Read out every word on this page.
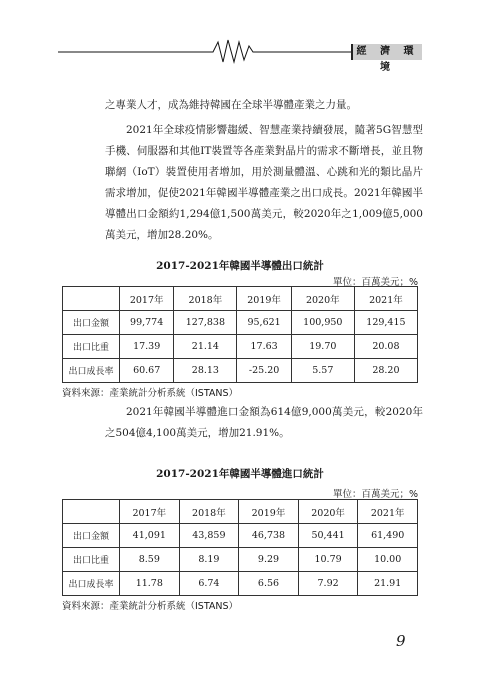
經 濟 環 境

之專業人才，成為維持韓國在全球半導體產業之力量。

2021年全球疫情影響趨緩、智慧產業持續發展，隨著5G智慧型手機、伺服器和其他IT裝置等各產業對晶片的需求不斷增長，並且物聯網（IoT）裝置使用者增加，用於測量體溫、心跳和光的類比晶片需求增加，促使2021年韓國半導體產業之出口成長。2021年韓國半導體出口金額約1,294億1,500萬美元，較2020年之1,009億5,000萬美元，增加28.20%。

2017-2021年韓國半導體出口統計
單位：百萬美元；%
	2017年	2018年	2019年	2020年	2021年
出口金額	99,774	127,838	95,621	100,950	129,415
出口比重	17.39	21.14	17.63	19.70	20.08
出口成長率	60.67	28.13	-25.20	5.57	28.20
資料來源：產業統計分析系統（ISTANS）

2021年韓國半導體進口金額為614億9,000萬美元，較2020年之504億4,100萬美元，增加21.91%。

2017-2021年韓國半導體進口統計
單位：百萬美元；%
	2017年	2018年	2019年	2020年	2021年
出口金額	41,091	43,859	46,738	50,441	61,490
出口比重	8.59	8.19	9.29	10.79	10.00
出口成長率	11.78	6.74	6.56	7.92	21.91
資料來源：產業統計分析系統（ISTANS）
9
